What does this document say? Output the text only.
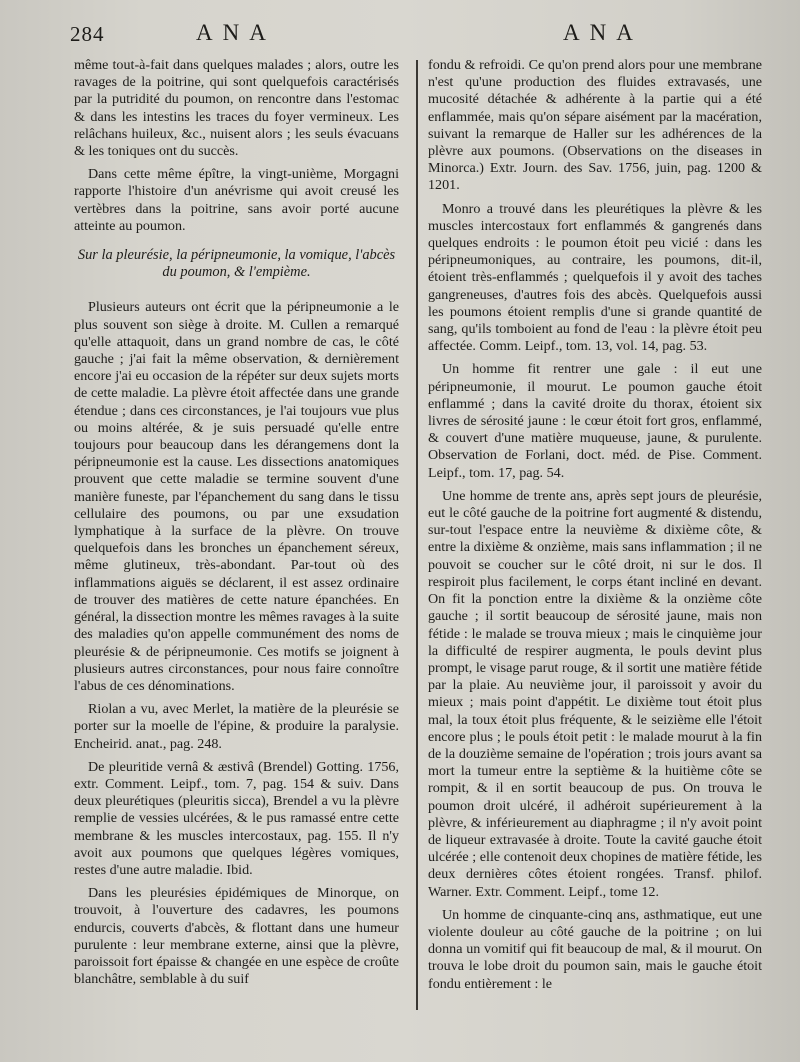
284	ANA	ANA

même tout-à-fait dans quelques malades ; alors, outre les ravages de la poitrine, qui sont quelquefois caractérisés par la putridité du poumon, on rencontre dans l'estomac & dans les intestins les traces du foyer vermineux. Les relâchans huileux, &c., nuisent alors ; les seuls évacuans & les toniques ont du succès.

Dans cette même épître, la vingt-unième, Morgagni rapporte l'histoire d'un anévrisme qui avoit creusé les vertèbres dans la poitrine, sans avoir porté aucune atteinte au poumon.

Sur la pleurésie, la péripneumonie, la vomique, l'abcès du poumon, & l'empième.

Plusieurs auteurs ont écrit que la péripneumonie a le plus souvent son siège à droite. M. Cullen a remarqué qu'elle attaquoit, dans un grand nombre de cas, le côté gauche ; j'ai fait la même observation, & dernièrement encore j'ai eu occasion de la répéter sur deux sujets morts de cette maladie. La plèvre étoit affectée dans une grande étendue ; dans ces circonstances, je l'ai toujours vue plus ou moins altérée, & je suis persuadé qu'elle entre toujours pour beaucoup dans les dérangemens dont la péripneumonie est la cause. Les dissections anatomiques prouvent que cette maladie se termine souvent d'une manière funeste, par l'épanchement du sang dans le tissu cellulaire des poumons, ou par une exsudation lymphatique à la surface de la plèvre. On trouve quelquefois dans les bronches un épanchement séreux, même glutineux, très-abondant. Par-tout où des inflammations aiguës se déclarent, il est assez ordinaire de trouver des matières de cette nature épanchées. En général, la dissection montre les mêmes ravages à la suite des maladies qu'on appelle communément des noms de pleurésie & de péripneumonie. Ces motifs se joignent à plusieurs autres circonstances, pour nous faire connoître l'abus de ces dénominations.

Riolan a vu, avec Merlet, la matière de la pleurésie se porter sur la moelle de l'épine, & produire la paralysie. Encheirid. anat., pag. 248.

De pleuritide vernâ & æstivâ (Brendel) Gotting. 1756, extr. Comment. Leipf., tom. 7, pag. 154 & suiv. Dans deux pleurétiques (pleuritis sicca), Brendel a vu la plèvre remplie de vessies ulcérées, & le pus ramassé entre cette membrane & les muscles intercostaux, pag. 155. Il n'y avoit aux poumons que quelques légères vomiques, restes d'une autre maladie. Ibid.

Dans les pleurésies épidémiques de Minorque, on trouvoit, à l'ouverture des cadavres, les poumons endurcis, couverts d'abcès, & flottant dans une humeur purulente : leur membrane externe, ainsi que la plèvre, paroissoit fort épaisse & changée en une espèce de croûte blanchâtre, semblable à du suif

fondu & refroidi. Ce qu'on prend alors pour une membrane n'est qu'une production des fluides extravasés, une mucosité détachée & adhérente à la partie qui a été enflammée, mais qu'on sépare aisément par la macération, suivant la remarque de Haller sur les adhérences de la plèvre aux poumons. (Observations on the diseases in Minorca.) Extr. Journ. des Sav. 1756, juin, pag. 1200 & 1201.

Monro a trouvé dans les pleurétiques la plèvre & les muscles intercostaux fort enflammés & gangrenés dans quelques endroits : le poumon étoit peu vicié : dans les péripneumoniques, au contraire, les poumons, dit-il, étoient très-enflammés ; quelquefois il y avoit des taches gangreneuses, d'autres fois des abcès. Quelquefois aussi les poumons étoient remplis d'une si grande quantité de sang, qu'ils tomboient au fond de l'eau : la plèvre étoit peu affectée. Comm. Leipf., tom. 13, vol. 14, pag. 53.

Un homme fit rentrer une gale : il eut une péripneumonie, il mourut. Le poumon gauche étoit enflammé ; dans la cavité droite du thorax, étoient six livres de sérosité jaune : le cœur étoit fort gros, enflammé, & couvert d'une matière muqueuse, jaune, & purulente. Observation de Forlani, doct. méd. de Pise. Comment. Leipf., tom. 17, pag. 54.

Une homme de trente ans, après sept jours de pleurésie, eut le côté gauche de la poitrine fort augmenté & distendu, sur-tout l'espace entre la neuvième & dixième côte, & entre la dixième & onzième, mais sans inflammation ; il ne pouvoit se coucher sur le côté droit, ni sur le dos. Il respiroit plus facilement, le corps étant incliné en devant. On fit la ponction entre la dixième & la onzième côte gauche ; il sortit beaucoup de sérosité jaune, mais non fétide : le malade se trouva mieux ; mais le cinquième jour la difficulté de respirer augmenta, le pouls devint plus prompt, le visage parut rouge, & il sortit une matière fétide par la plaie. Au neuvième jour, il paroissoit y avoir du mieux ; mais point d'appétit. Le dixième tout étoit plus mal, la toux étoit plus fréquente, & le seizième elle l'étoit encore plus ; le pouls étoit petit : le malade mourut à la fin de la douzième semaine de l'opération ; trois jours avant sa mort la tumeur entre la septième & la huitième côte se rompit, & il en sortit beaucoup de pus. On trouva le poumon droit ulcéré, il adhéroit supérieurement à la plèvre, & inférieurement au diaphragme ; il n'y avoit point de liqueur extravasée à droite. Toute la cavité gauche étoit ulcérée ; elle contenoit deux chopines de matière fétide, les deux dernières côtes étoient rongées. Transf. philof. Warner. Extr. Comment. Leipf., tome 12.

Un homme de cinquante-cinq ans, asthmatique, eut une violente douleur au côté gauche de la poitrine ; on lui donna un vomitif qui fit beaucoup de mal, & il mourut. On trouva le lobe droit du poumon sain, mais le gauche étoit fondu entièrement : le
